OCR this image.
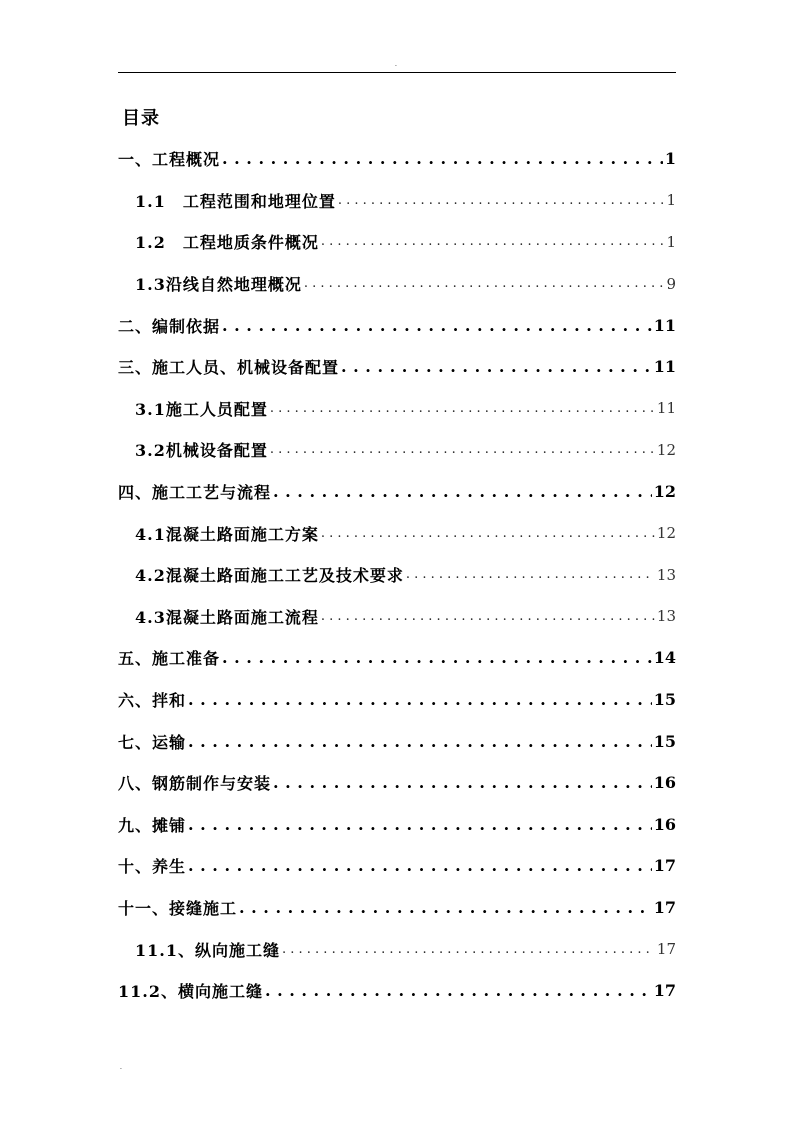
.
目录
一、工程概况 . . .	1
1.1　工程范围和地理位置 . . .	1
1.2　工程地质条件概况 . . .	1
1.3沿线自然地理概况 . . .	9
二、编制依据 . . .	11
三、施工人员、机械设备配置 . . .	11
3.1施工人员配置 . . .	11
3.2机械设备配置 . . .	12
四、施工工艺与流程 . . .	12
4.1混凝土路面施工方案 . . .	12
4.2混凝土路面施工工艺及技术要求 . . .	13
4.3混凝土路面施工流程 . . .	13
五、施工准备 . . .	14
六、拌和 . . .	15
七、运输 . . .	15
八、钢筋制作与安装 . . .	16
九、摊铺 . . .	16
十、养生 . . .	17
十一、接缝施工 . . .	17
11.1、纵向施工缝 . . .	17
11.2、横向施工缝 . . .	17
.
